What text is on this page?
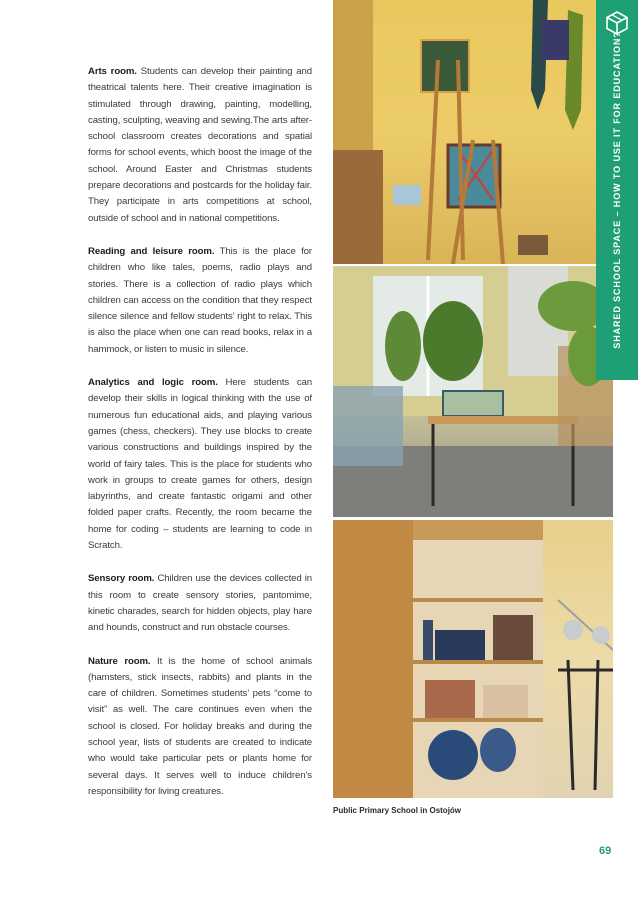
Arts room. Students can develop their painting and theatrical talents here. Their creative imagination is stimulated through drawing, painting, modelling, casting, sculpting, weaving and sewing.The arts after-school classroom creates decorations and spatial forms for school events, which boost the image of the school. Around Easter and Christmas students prepare decorations and postcards for the holiday fair. They participate in arts competitions at school, outside of school and in national competitions.

Reading and leisure room. This is the place for children who like tales, poems, radio plays and stories. There is a collection of radio plays which children can access on the condition that they respect silence silence and fellow students’ right to relax. This is also the place when one can read books, relax in a hammock, or listen to music in silence.

Analytics and logic room. Here students can develop their skills in logical thinking with the use of numerous fun educational aids, and playing various games (chess, checkers). They use blocks to create various constructions and buildings inspired by the world of fairy tales. This is the place for students who work in groups to create games for others, design labyrinths, and create fantastic origami and other folded paper crafts. Recently, the room became the home for coding – students are learning to code in Scratch.

Sensory room. Children use the devices collected in this room to create sensory stories, pantomime, kinetic charades, search for hidden objects, play hare and hounds, construct and run obstacle courses.

Nature room. It is the home of school animals (hamsters, stick insects, rabbits) and plants in the care of children. Sometimes students’ pets “come to visit” as well. The care continues even when the school is closed. For holiday breaks and during the school year, lists of students are created to indicate who would take particular pets or plants home for several days. It serves well to induce children’s responsibility for living creatures.

SHARED SCHOOL SPACE – HOW TO USE IT FOR EDUCATION?
Public Primary School in Ostojów
69
